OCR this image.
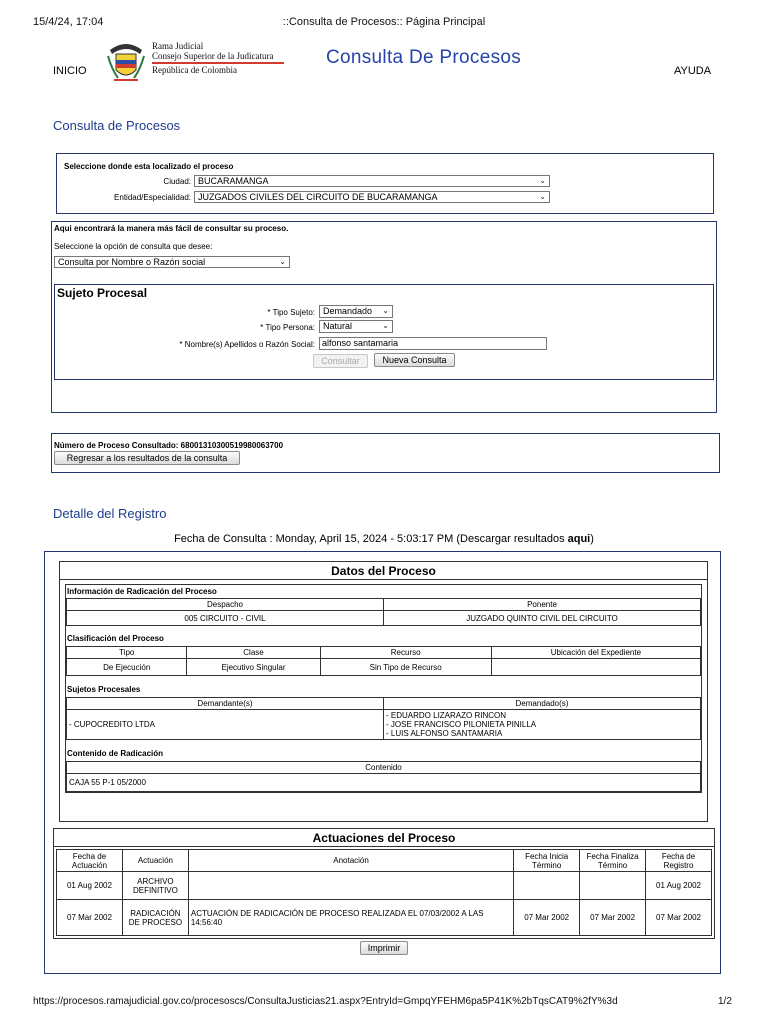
15/4/24, 17:04	::Consulta de Procesos:: Página Principal
INICIO	AYUDA
Rama Judicial
Consejo Superior de la Judicatura
República de Colombia
Consulta De Procesos
Consulta de Procesos
Seleccione donde esta localizado el proceso
Ciudad: BUCARAMANGA	⌄
Entidad/Especialidad: JUZGADOS CIVILES DEL CIRCUITO DE BUCARAMANGA	⌄
Aqui encontrará la manera más fácil de consultar su proceso.
Seleccione la opción de consulta que desee:
Consulta por Nombre o Razón social	⌄
Sujeto Procesal
* Tipo Sujeto: Demandado ⌄
* Tipo Persona: Natural	⌄
* Nombre(s) Apellidos o Razón Social: alfonso santamaria
Consultar	Nueva Consulta
Número de Proceso Consultado: 68001310300519980063700
Regresar a los resultados de la consulta
Detalle del Registro
Fecha de Consulta : Monday, April 15, 2024 - 5:03:17 PM (Descargar resultados aqui)
Datos del Proceso
Información de Radicación del Proceso
Despacho	Ponente
005 CIRCUITO - CIVIL	JUZGADO QUINTO CIVIL DEL CIRCUITO
Clasificación del Proceso
Tipo	Clase	Recurso	Ubicación del Expediente
De Ejecución	Ejecutivo Singular	Sin Tipo de Recurso	
Sujetos Procesales
Demandante(s)	Demandado(s)
- CUPOCREDITO LTDA	- EDUARDO LIZARAZO RINCON
- JOSE FRANCISCO PILONIETA PINILLA
- LUIS ALFONSO SANTAMARIA
Contenido de Radicación
Contenido
CAJA 55 P-1 05/2000
Actuaciones del Proceso
Fecha de Actuación	Actuación	Anotación	Fecha Inicia Término	Fecha Finaliza Término	Fecha de Registro
01 Aug 2002	ARCHIVO DEFINITIVO				01 Aug 2002
07 Mar 2002	RADICACIÓN DE PROCESO	ACTUACIÓN DE RADICACIÓN DE PROCESO REALIZADA EL 07/03/2002 A LAS 14:56:40	07 Mar 2002	07 Mar 2002	07 Mar 2002
Imprimir
https://procesos.ramajudicial.gov.co/procesoscs/ConsultaJusticias21.aspx?EntryId=GmpqYFEHM6pa5P41K%2bTqsCAT9%2fY%3d	1/2
